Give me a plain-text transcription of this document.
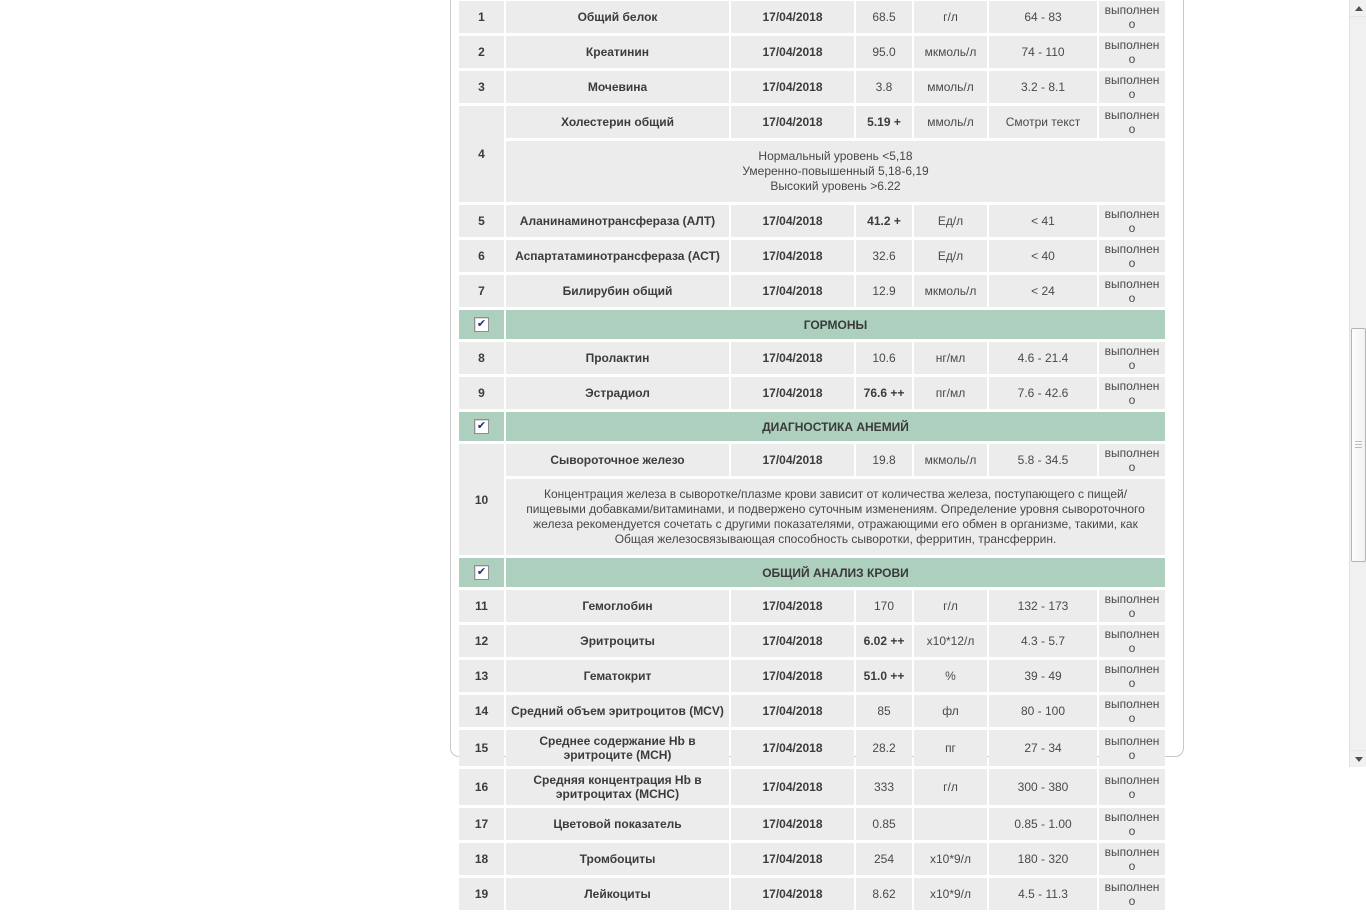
1	Общий белок	17/04/2018	68.5	г/л	64 - 83	выполнено
2	Креатинин	17/04/2018	95.0	мкмоль/л	74 - 110	выполнено
3	Мочевина	17/04/2018	3.8	ммоль/л	3.2 - 8.1	выполнено
4	Холестерин общий	17/04/2018	5.19 +	ммоль/л	Смотри текст	выполнено

	Нормальный уровень <5,18
Умеренно-повышенный 5,18-6,19
Высокий уровень >6.22					

5	Аланинаминотрансфераза (АЛТ)	17/04/2018	41.2 +	Ед/л	< 41	выполнено
6	Аспартатаминотрансфераза (АСТ)	17/04/2018	32.6	Ед/л	< 40	выполнено
7	Билирубин общий	17/04/2018	12.9	мкмоль/л	< 24	выполнено
✔	ГОРМОНЫ					
8	Пролактин	17/04/2018	10.6	нг/мл	4.6 - 21.4	выполнено
9	Эстрадиол	17/04/2018	76.6 ++	пг/мл	7.6 - 42.6	выполнено
✔	ДИАГНОСТИКА АНЕМИЙ					
10	Сывороточное железо	17/04/2018	19.8	мкмоль/л	5.8 - 34.5	выполнено

	Концентрация железа в сыворотке/плазме крови зависит от количества железа, поступающего с пищей/пищевыми добавками/витаминами, и подвержено суточным изменениям. Определение уровня сывороточного железа рекомендуется сочетать с другими показателями, отражающими его обмен в организме, такими, как Общая железосвязывающая способность сыворотки, ферритин, трансферрин.					

✔	ОБЩИЙ АНАЛИЗ КРОВИ					
11	Гемоглобин	17/04/2018	170	г/л	132 - 173	выполнено
12	Эритроциты	17/04/2018	6.02 ++	х10*12/л	4.3 - 5.7	выполнено
13	Гематокрит	17/04/2018	51.0 ++	%	39 - 49	выполнено
14	Средний объем эритроцитов (MCV)	17/04/2018	85	фл	80 - 100	выполнено
15	Среднее содержание Hb в эритроците (MCH)	17/04/2018	28.2	пг	27 - 34	выполнено
16	Средняя концентрация Hb в эритроцитах (MCHC)	17/04/2018	333	г/л	300 - 380	выполнено
17	Цветовой показатель	17/04/2018	0.85		0.85 - 1.00	выполнено
18	Тромбоциты	17/04/2018	254	х10*9/л	180 - 320	выполнено
19	Лейкоциты	17/04/2018	8.62	х10*9/л	4.5 - 11.3	выполнено
